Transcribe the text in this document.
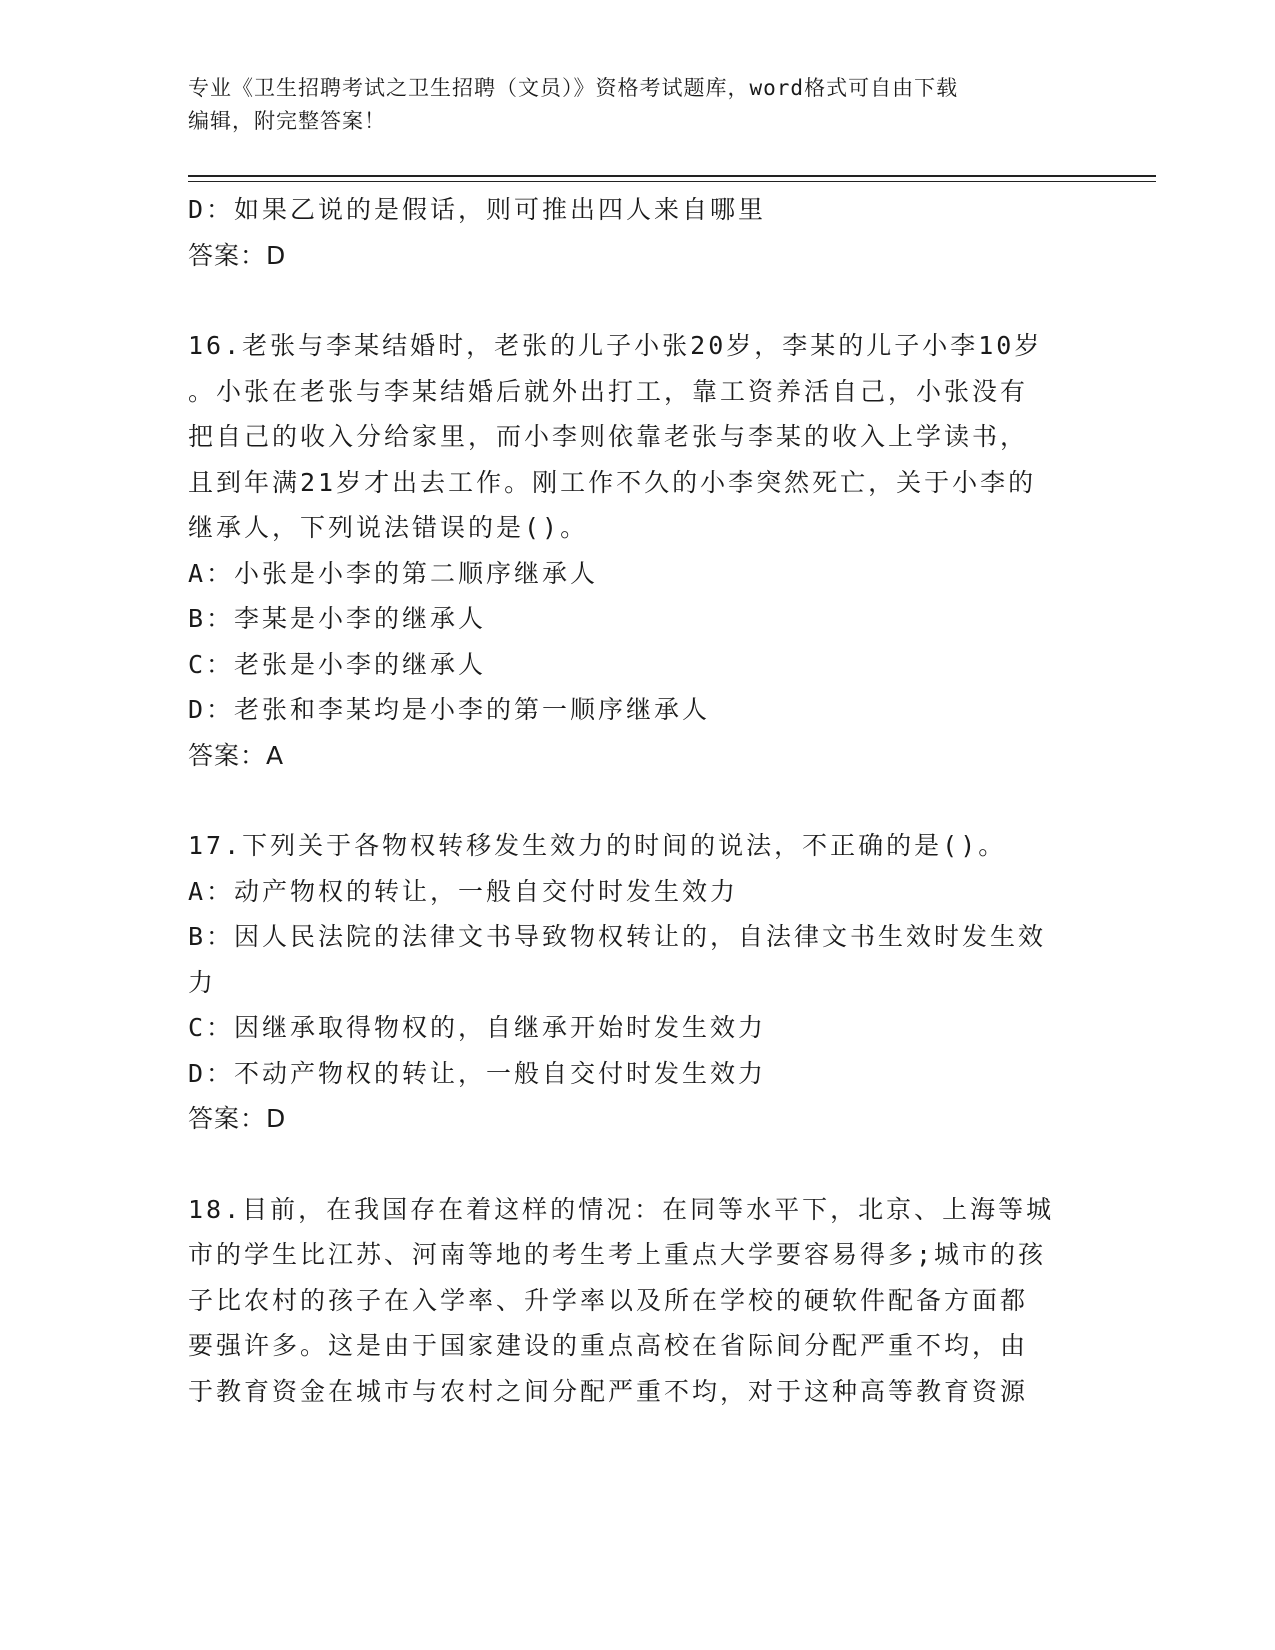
专业《卫生招聘考试之卫生招聘（文员）》资格考试题库，word格式可自由下载

编辑，附完整答案！

D：如果乙说的是假话，则可推出四人来自哪里

答案：D

16.老张与李某结婚时，老张的儿子小张20岁，李某的儿子小李10岁

。小张在老张与李某结婚后就外出打工，靠工资养活自己，小张没有

把自己的收入分给家里，而小李则依靠老张与李某的收入上学读书，

且到年满21岁才出去工作。刚工作不久的小李突然死亡，关于小李的

继承人，下列说法错误的是()。

A：小张是小李的第二顺序继承人

B：李某是小李的继承人

C：老张是小李的继承人

D：老张和李某均是小李的第一顺序继承人

答案：A

17.下列关于各物权转移发生效力的时间的说法，不正确的是()。

A：动产物权的转让，一般自交付时发生效力

B：因人民法院的法律文书导致物权转让的，自法律文书生效时发生效

力

C：因继承取得物权的，自继承开始时发生效力

D：不动产物权的转让，一般自交付时发生效力

答案：D

18.目前，在我国存在着这样的情况：在同等水平下，北京、上海等城

市的学生比江苏、河南等地的考生考上重点大学要容易得多;城市的孩

子比农村的孩子在入学率、升学率以及所在学校的硬软件配备方面都

要强许多。这是由于国家建设的重点高校在省际间分配严重不均，由

于教育资金在城市与农村之间分配严重不均，对于这种高等教育资源
